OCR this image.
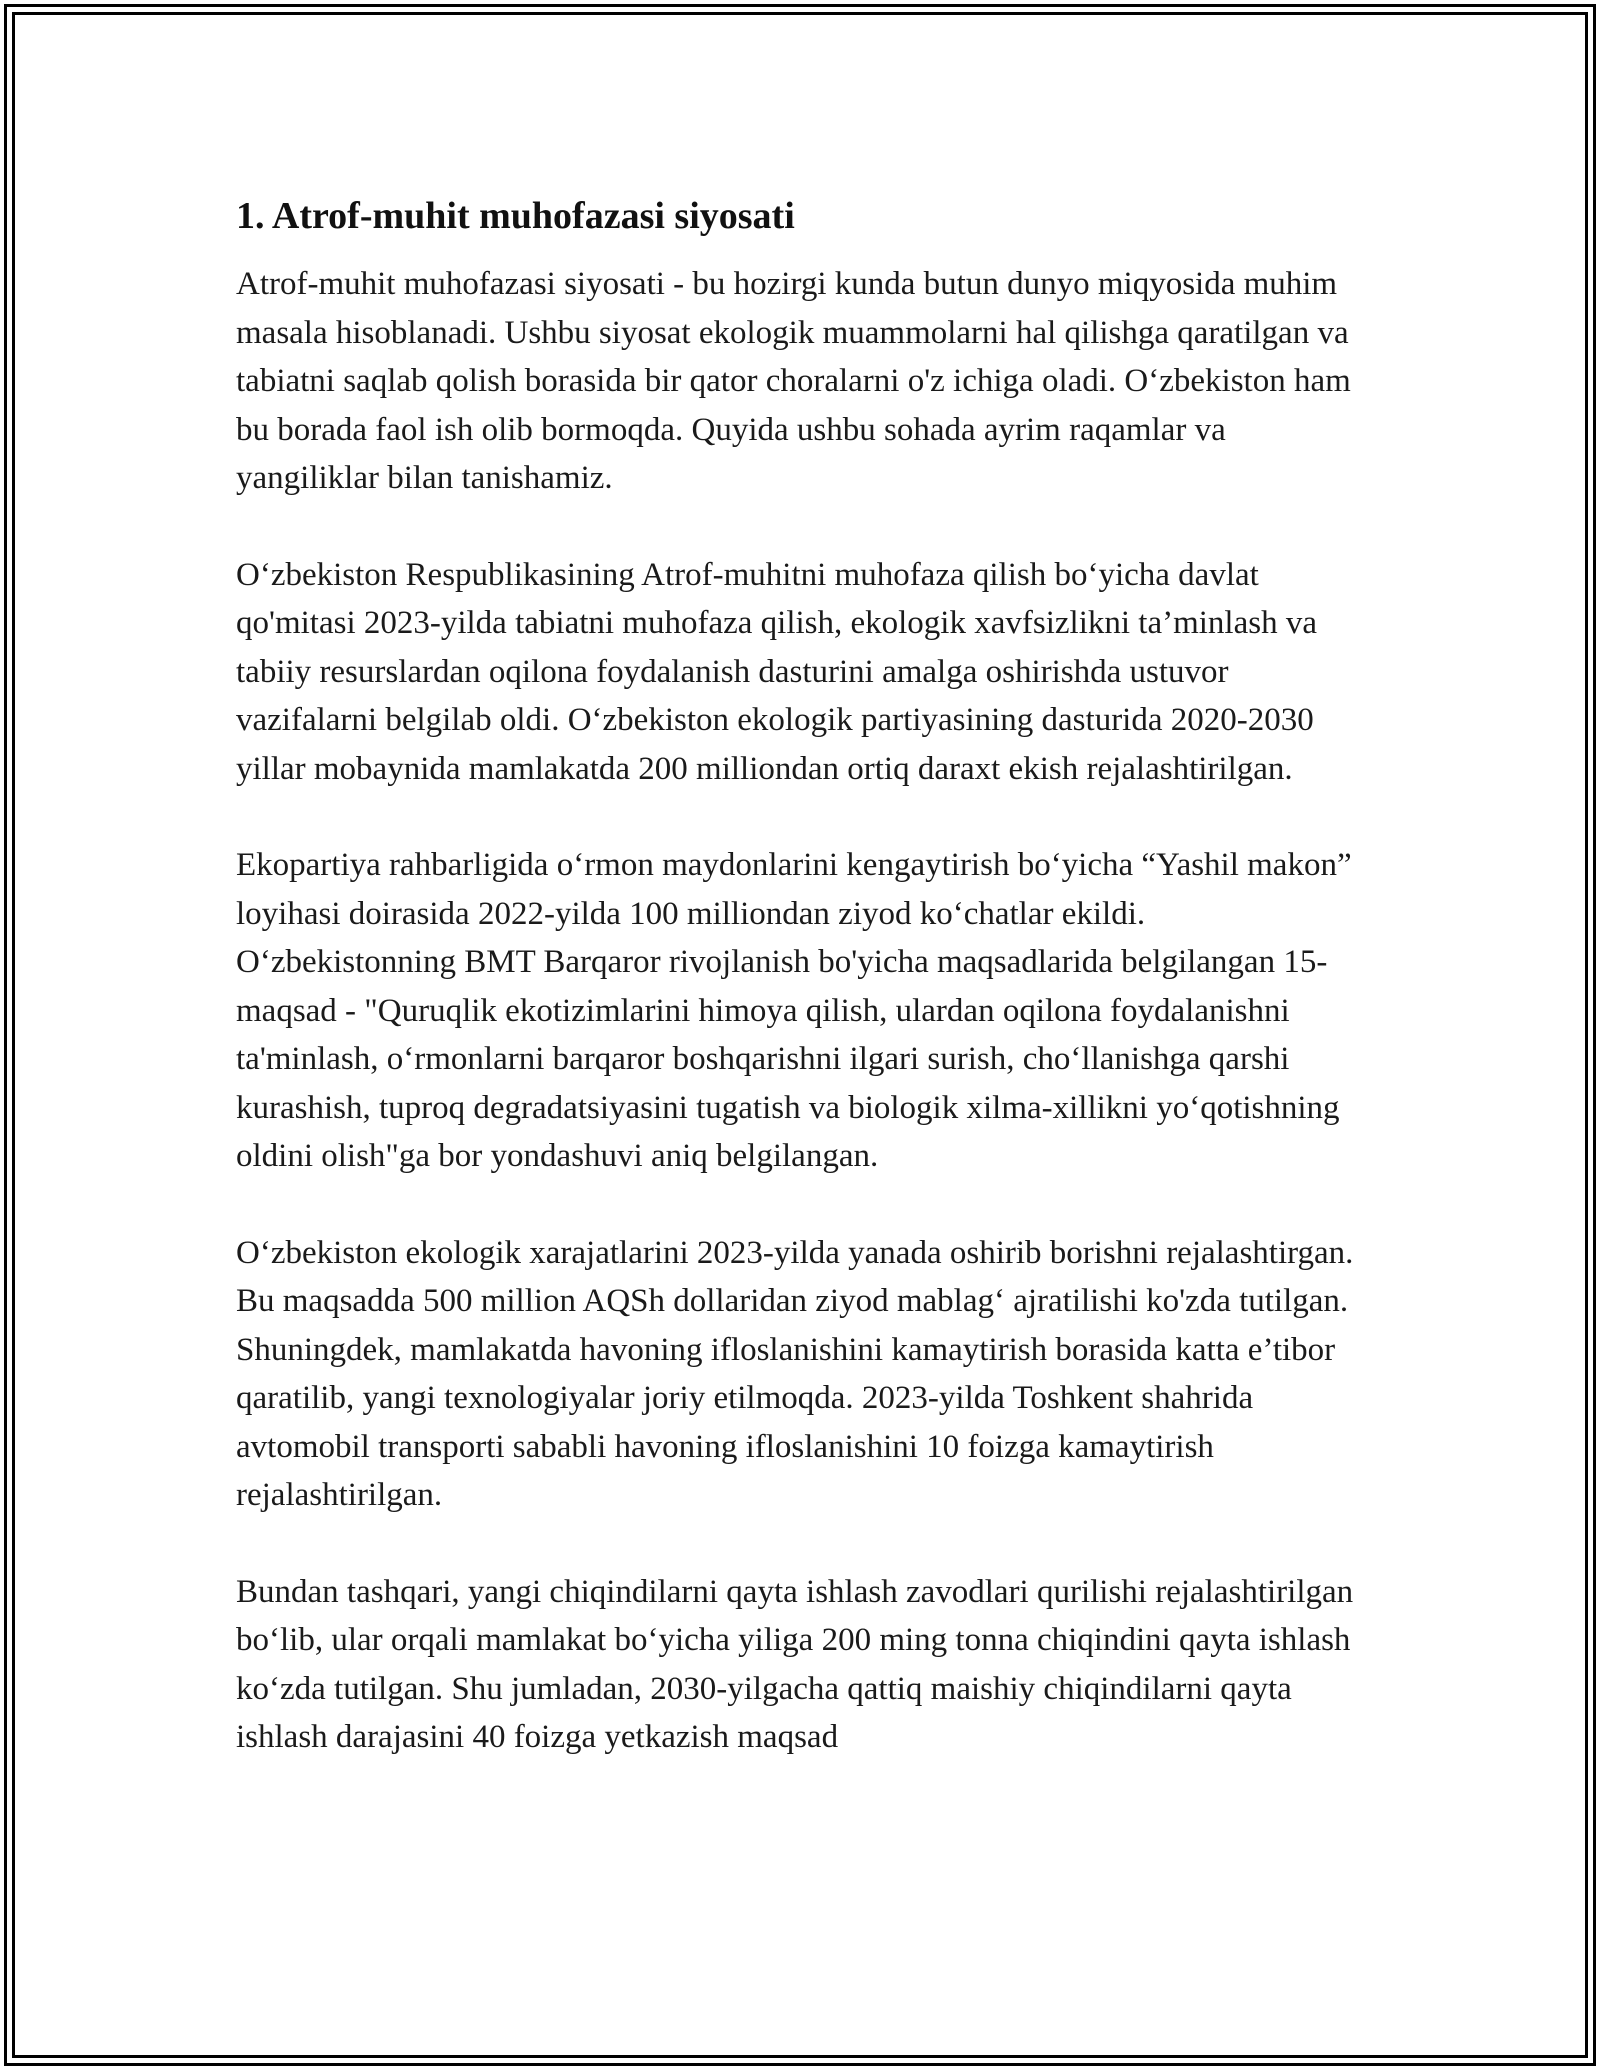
1. Atrof-muhit muhofazasi siyosati

Atrof-muhit muhofazasi siyosati - bu hozirgi kunda butun dunyo miqyosida muhim masala hisoblanadi. Ushbu siyosat ekologik muammolarni hal qilishga qaratilgan va tabiatni saqlab qolish borasida bir qator choralarni o'z ichiga oladi. O‘zbekiston ham bu borada faol ish olib bormoqda. Quyida ushbu sohada ayrim raqamlar va yangiliklar bilan tanishamiz.

O‘zbekiston Respublikasining Atrof-muhitni muhofaza qilish bo‘yicha davlat qo'mitasi 2023-yilda tabiatni muhofaza qilish, ekologik xavfsizlikni ta’minlash va tabiiy resurslardan oqilona foydalanish dasturini amalga oshirishda ustuvor vazifalarni belgilab oldi. O‘zbekiston ekologik partiyasining dasturida 2020-2030 yillar mobaynida mamlakatda 200 milliondan ortiq daraxt ekish rejalashtirilgan.

Ekopartiya rahbarligida o‘rmon maydonlarini kengaytirish bo‘yicha “Yashil makon” loyihasi doirasida 2022-yilda 100 milliondan ziyod ko‘chatlar ekildi. O‘zbekistonning BMT Barqaror rivojlanish bo'yicha maqsadlarida belgilangan 15-maqsad - "Quruqlik ekotizimlarini himoya qilish, ulardan oqilona foydalanishni ta'minlash, o‘rmonlarni barqaror boshqarishni ilgari surish, cho‘llanishga qarshi kurashish, tuproq degradatsiyasini tugatish va biologik xilma-xillikni yo‘qotishning oldini olish"ga bor yondashuvi aniq belgilangan.

O‘zbekiston ekologik xarajatlarini 2023-yilda yanada oshirib borishni rejalashtirgan. Bu maqsadda 500 million AQSh dollaridan ziyod mablag‘ ajratilishi ko'zda tutilgan. Shuningdek, mamlakatda havoning ifloslanishini kamaytirish borasida katta e’tibor qaratilib, yangi texnologiyalar joriy etilmoqda. 2023-yilda Toshkent shahrida avtomobil transporti sababli havoning ifloslanishini 10 foizga kamaytirish rejalashtirilgan.

Bundan tashqari, yangi chiqindilarni qayta ishlash zavodlari qurilishi rejalashtirilgan bo‘lib, ular orqali mamlakat bo‘yicha yiliga 200 ming tonna chiqindini qayta ishlash ko‘zda tutilgan. Shu jumladan, 2030-yilgacha qattiq maishiy chiqindilarni qayta ishlash darajasini 40 foizga yetkazish maqsad
